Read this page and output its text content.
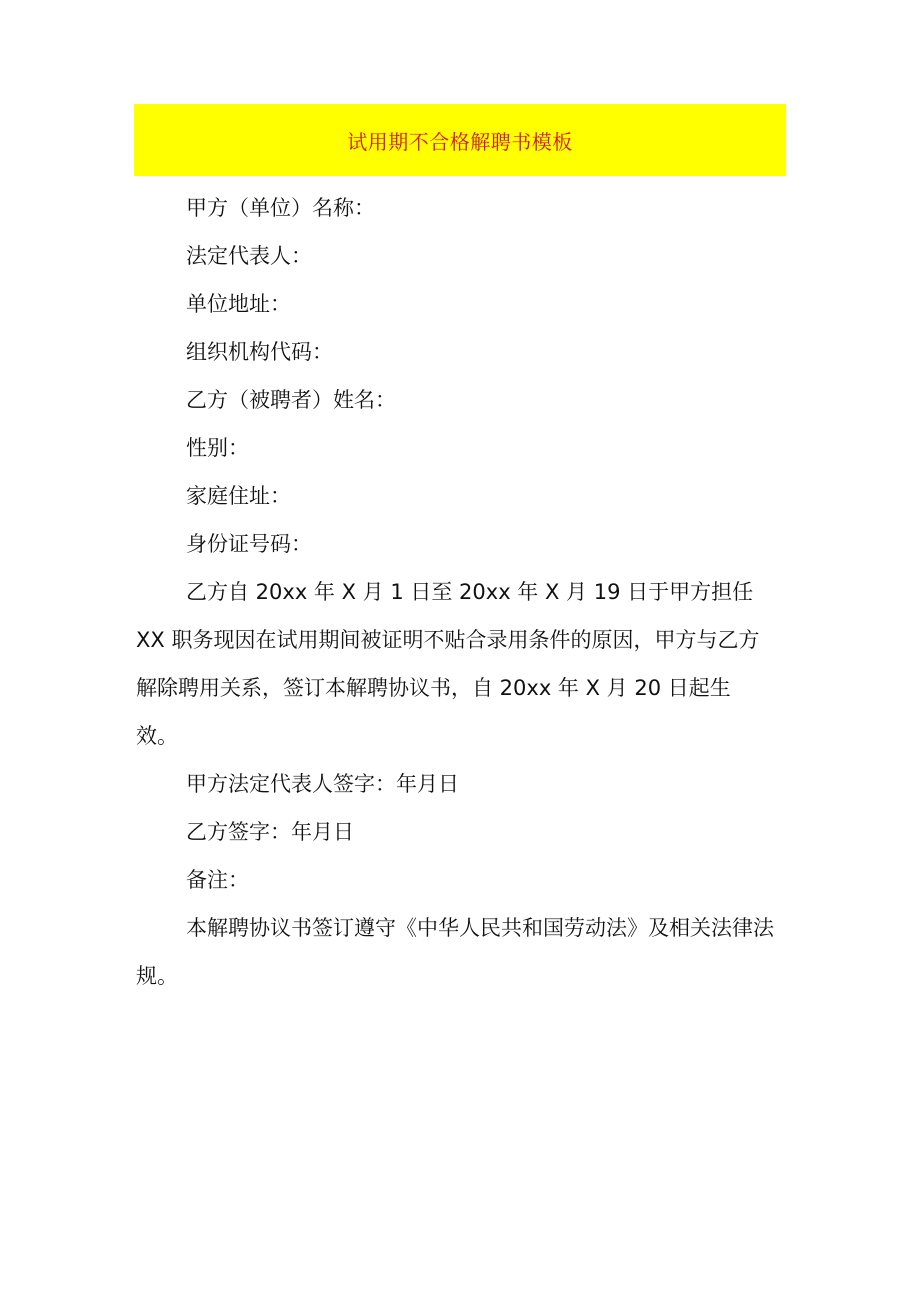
试用期不合格解聘书模板
甲方（单位）名称：
法定代表人：
单位地址：
组织机构代码：
乙方（被聘者）姓名：
性别：
家庭住址：
身份证号码：
乙方自 20xx 年 X 月 1 日至 20xx 年 X 月 19 日于甲方担任
XX 职务现因在试用期间被证明不贴合录用条件的原因，甲方与乙方
解除聘用关系，签订本解聘协议书，自 20xx 年 X 月 20 日起生
效。
甲方法定代表人签字：年月日
乙方签字：年月日
备注：
本解聘协议书签订遵守《中华人民共和国劳动法》及相关法律法
规。
